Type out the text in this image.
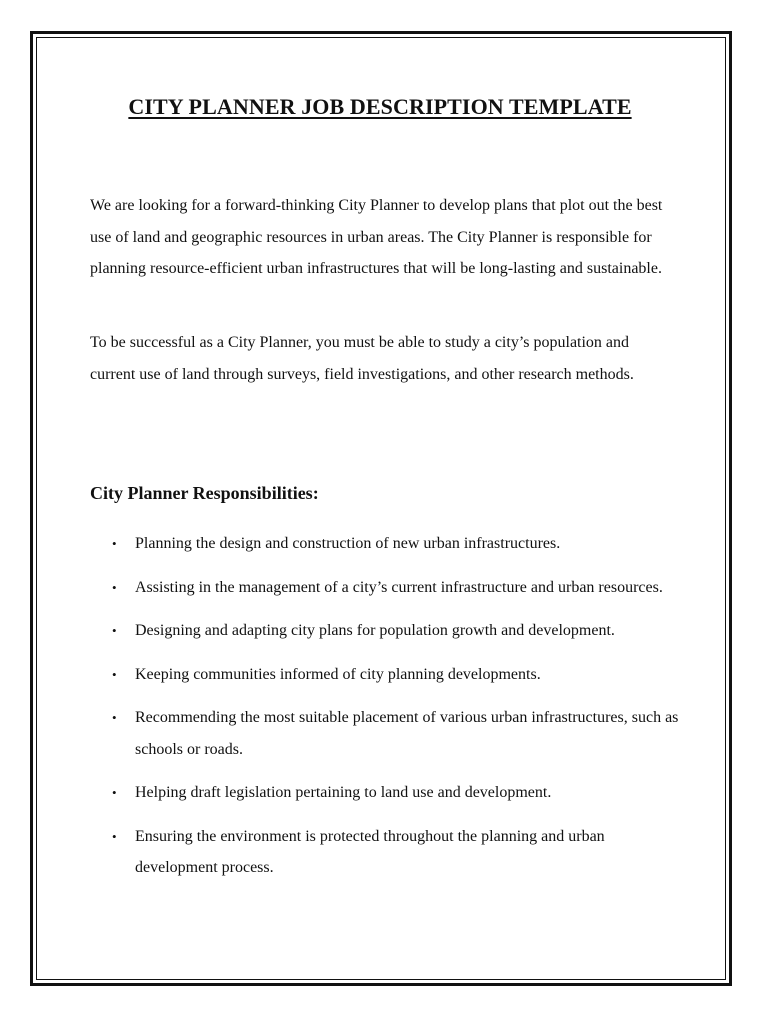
CITY PLANNER JOB DESCRIPTION TEMPLATE

We are looking for a forward-thinking City Planner to develop plans that plot out the best use of land and geographic resources in urban areas. The City Planner is responsible for planning resource-efficient urban infrastructures that will be long-lasting and sustainable.

To be successful as a City Planner, you must be able to study a city’s population and current use of land through surveys, field investigations, and other research methods.

City Planner Responsibilities:
• Planning the design and construction of new urban infrastructures.
• Assisting in the management of a city’s current infrastructure and urban resources.
• Designing and adapting city plans for population growth and development.
• Keeping communities informed of city planning developments.
• Recommending the most suitable placement of various urban infrastructures, such as schools or roads.
• Helping draft legislation pertaining to land use and development.
• Ensuring the environment is protected throughout the planning and urban development process.
